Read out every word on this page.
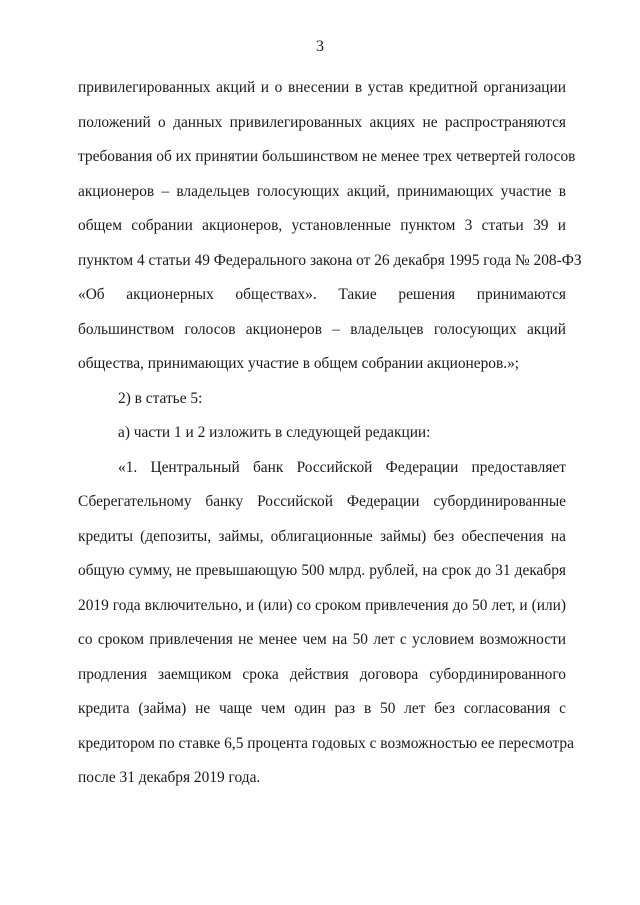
3
привилегированных акций и о внесении в устав кредитной организации
положений о данных привилегированных акциях не распространяются
требования об их принятии большинством не менее трех четвертей голосов
акционеров – владельцев голосующих акций, принимающих участие в
общем собрании акционеров, установленные пунктом 3 статьи 39 и
пунктом 4 статьи 49 Федерального закона от 26 декабря 1995 года № 208-ФЗ
«Об акционерных обществах». Такие решения принимаются
большинством голосов акционеров – владельцев голосующих акций
общества, принимающих участие в общем собрании акционеров.»;
2) в статье 5:
а) части 1 и 2 изложить в следующей редакции:
«1. Центральный банк Российской Федерации предоставляет
Сберегательному банку Российской Федерации субординированные
кредиты (депозиты, займы, облигационные займы) без обеспечения на
общую сумму, не превышающую 500 млрд. рублей, на срок до 31 декабря
2019 года включительно, и (или) со сроком привлечения до 50 лет, и (или)
со сроком привлечения не менее чем на 50 лет с условием возможности
продления заемщиком срока действия договора субординированного
кредита (займа) не чаще чем один раз в 50 лет без согласования с
кредитором по ставке 6,5 процента годовых с возможностью ее пересмотра
после 31 декабря 2019 года.
